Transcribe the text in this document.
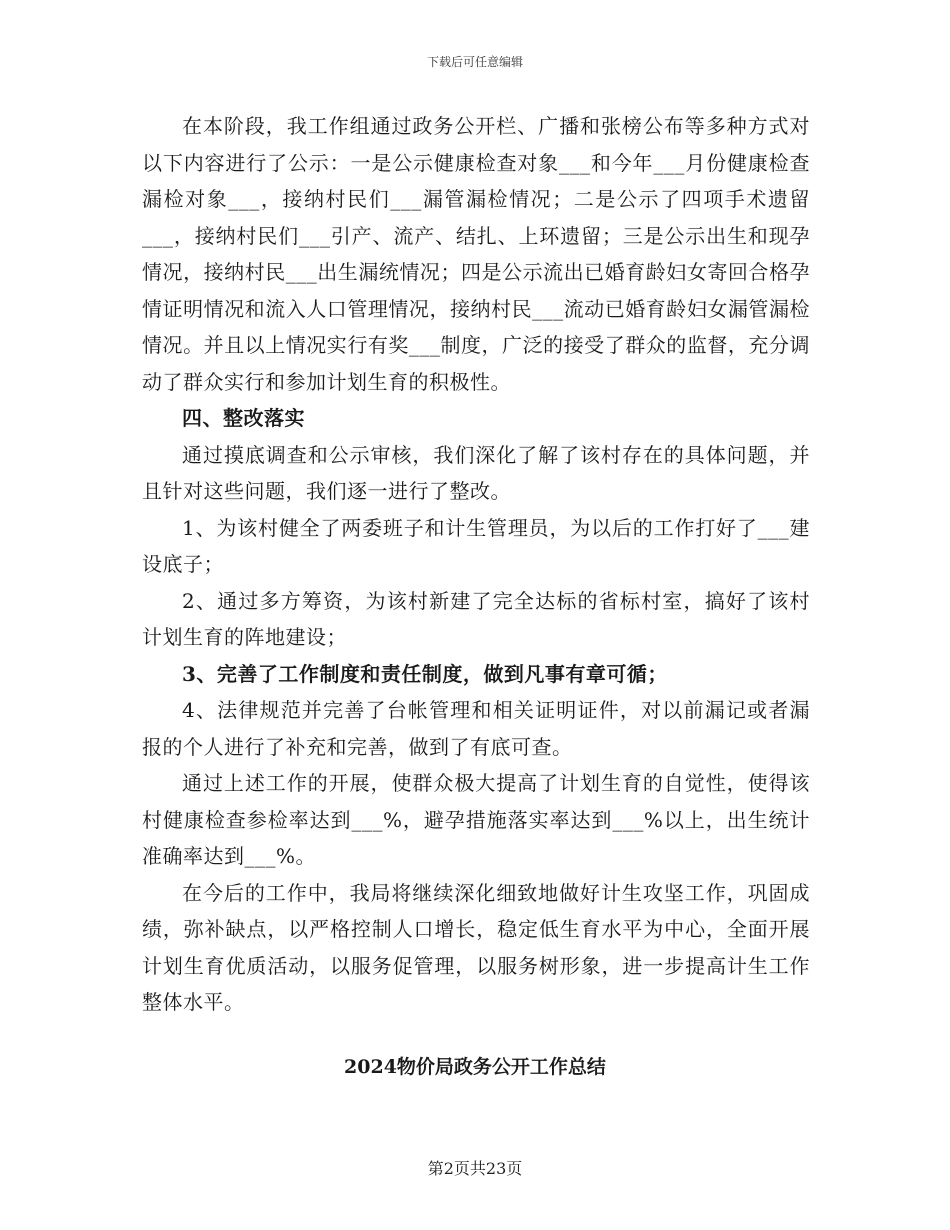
下载后可任意编辑

在本阶段，我工作组通过政务公开栏、广播和张榜公布等多种方式对以下内容进行了公示：一是公示健康检查对象___和今年___月份健康检查漏检对象___，接纳村民们___漏管漏检情况；二是公示了四项手术遗留___，接纳村民们___引产、流产、结扎、上环遗留；三是公示出生和现孕情况，接纳村民___出生漏统情况；四是公示流出已婚育龄妇女寄回合格孕情证明情况和流入人口管理情况，接纳村民___流动已婚育龄妇女漏管漏检情况。并且以上情况实行有奖___制度，广泛的接受了群众的监督，充分调动了群众实行和参加计划生育的积极性。

四、整改落实

通过摸底调查和公示审核，我们深化了解了该村存在的具体问题，并且针对这些问题，我们逐一进行了整改。

1、为该村健全了两委班子和计生管理员，为以后的工作打好了___建设底子；

2、通过多方筹资，为该村新建了完全达标的省标村室，搞好了该村计划生育的阵地建设；

3、完善了工作制度和责任制度，做到凡事有章可循；

4、法律规范并完善了台帐管理和相关证明证件，对以前漏记或者漏报的个人进行了补充和完善，做到了有底可查。

通过上述工作的开展，使群众极大提高了计划生育的自觉性，使得该村健康检查参检率达到___%，避孕措施落实率达到___%以上，出生统计准确率达到___%。

在今后的工作中，我局将继续深化细致地做好计生攻坚工作，巩固成绩，弥补缺点，以严格控制人口增长，稳定低生育水平为中心，全面开展计划生育优质活动，以服务促管理，以服务树形象，进一步提高计生工作整体水平。

2024物价局政务公开工作总结
第2页共23页
